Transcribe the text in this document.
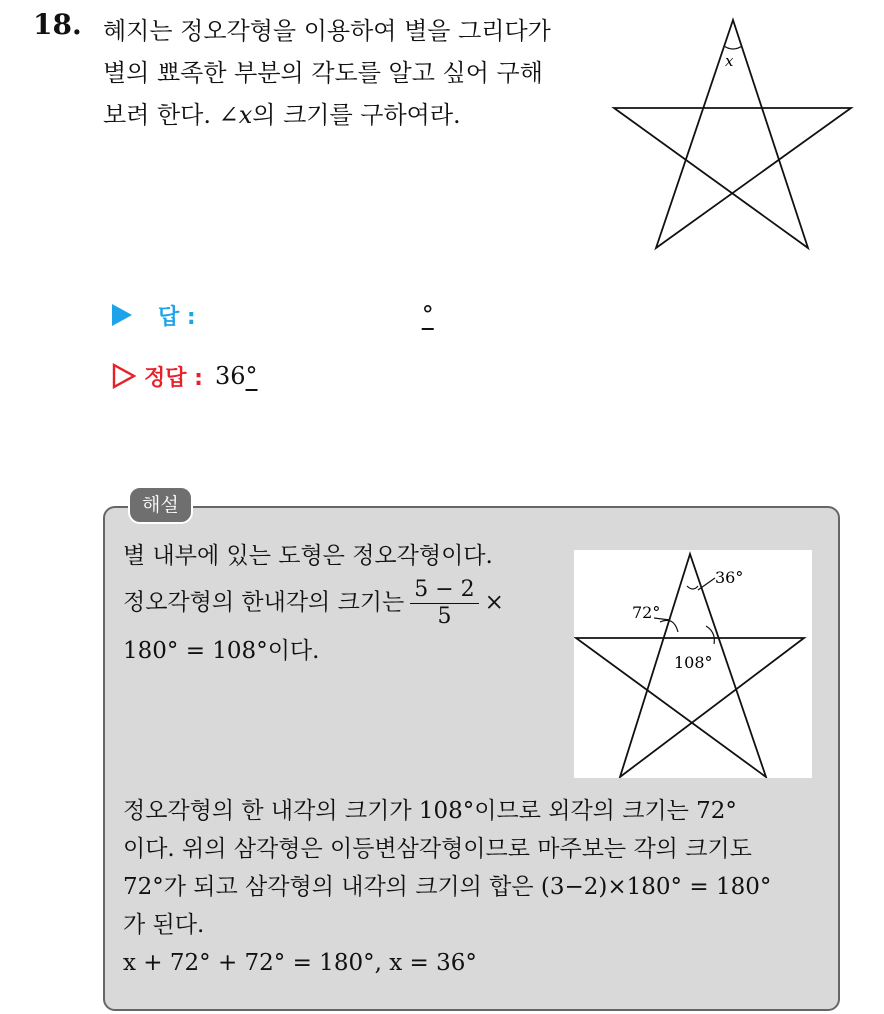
18. 혜지는 정오각형을 이용하여 별을 그리다가
별의 뾰족한 부분의 각도를 알고 싶어 구해
보려 한다. ∠x의 크기를 구하여라.
x
답 :	°
정답 : 36 °
해설
별 내부에 있는 도형은 정오각형이다.
정오각형의 한내각의 크기는 $\frac{5 - 2}{5}$ ×
180° = 108°이다.
36°
72°
108°
정오각형의 한 내각의 크기가 108°이므로 외각의 크기는 72°
이다. 위의 삼각형은 이등변삼각형이므로 마주보는 각의 크기도
72°가 되고 삼각형의 내각의 크기의 합은 (3−2)×180° = 180°
가 된다.
x + 72° + 72° = 180°, x = 36°
